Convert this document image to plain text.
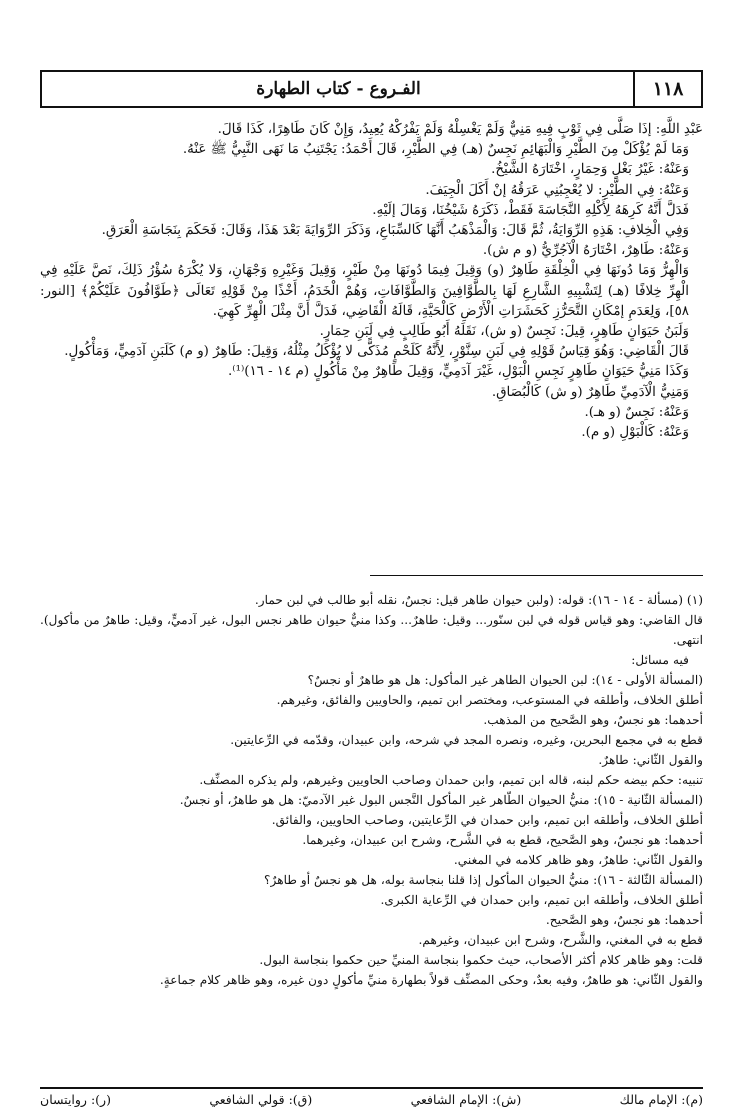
١١٨
الفـروع - كتاب الطهارة

عَبْدِ اللَّهِ: إذَا صَلَّى فِي ثَوْبٍ فِيهِ مَنِيٌّ وَلَمْ يَغْسِلْهُ وَلَمْ يَفْرُكْهُ يُعِيدُ، وَإِنْ كَانَ طَاهِرًا، كَذَا قَالَ.

وَمَا لَمْ يُؤْكَلْ مِنَ الطَّيْرِ وَالْبَهَائِمِ نَجِسٌ (هـ) فِي الطَّيْرِ، قَالَ أَحْمَدُ: يَجْتَنِبُ مَا نَهَى النَّبِيُّ ﷺ عَنْهُ.

وَعَنْهُ: غَيْرُ بَغْلٍ وَحِمَارٍ، اخْتَارَهُ الشَّيْخُ.

وَعَنْهُ: فِي الطَّيْرِ: لا يُعْجِبُنِي عَرَقُهُ إنْ أَكَلَ الْجِيَفَ.

فَدَلَّ أَنَّهُ كَرِهَهُ لِأَكْلِهِ النَّجَاسَةَ فَقَطْ، ذَكَرَهُ شَيْخُنَا، وَمَالَ إلَيْهِ.

وَفِي الْخِلافِ: هَذِهِ الرِّوَايَةُ، ثُمَّ قَالَ: وَالْمَذْهَبُ أَنَّهَا كَالسِّبَاعِ، وَذَكَرَ الرِّوَايَةَ بَعْدَ هَذَا، وَقَالَ: فَحَكَمَ بِنَجَاسَةِ الْعَرَقِ.

وَعَنْهُ: طَاهِرٌ، اخْتَارَهُ الْآجُرِّيُّ (و م ش).

وَالْهِرُّ وَمَا دُونَهَا فِي الْخِلْقَةِ طَاهِرٌ (و) وَقِيلَ فِيمَا دُونَهَا مِنْ طَيْرٍ، وَقِيلَ وَغَيْرِهِ وَجْهَانِ، وَلا يُكْرَهُ سُؤْرُ ذَلِكَ، نَصَّ عَلَيْهِ فِي الْهِرِّ خِلافًا (هـ) لِتَشْبِيهِ الشَّارِعِ لَهَا بِالطَّوَّافِينَ وَالطَّوَّافَاتِ، وَهُمْ الْخَدَمُ، أَخْذًا مِنْ قَوْلِهِ تَعَالَى ﴿طَوَّافُونَ عَلَيْكُمْ﴾ [النور: ٥٨]، وَلِعَدَمِ إمْكَانِ التَّحَرُّزِ كَحَشَرَاتِ الْأَرْضِ كَالْحَيَّةِ، قَالَهُ الْقَاضِي، فَدَلَّ أَنَّ مِثْلَ الْهِرِّ كَهِيَ.

وَلَبَنُ حَيَوَانٍ طَاهِرٍ، قِيلَ: نَجِسٌ (و ش)، نَقَلَهُ أَبُو طَالِبٍ فِي لَبَنِ حِمَارٍ.

قَالَ الْقَاضِي: وَهُوَ قِيَاسُ قَوْلِهِ فِي لَبَنِ سِنَّوْرٍ، لِأَنَّهُ كَلَحْمٍ مُذَكًّى لا يُؤْكَلُ مِثْلُهُ، وَقِيلَ: طَاهِرٌ (و م) كَلَبَنِ آدَمِيٍّ، وَمَأْكُولٍ.

وَكَذَا مَنِيُّ حَيَوَانٍ طَاهِرٍ نَجِسِ الْبَوْلِ، غَيْرَ آدَمِيٍّ، وَقِيلَ طَاهِرٌ مِنْ مَأْكُولٍ (م ١٤ - ١٦)⁽¹⁾.

وَمَنِيُّ الْآدَمِيِّ طَاهِرٌ (و ش) كَالْبُصَاقِ.

وَعَنْهُ: نَجِسٌ (و هـ).

وَعَنْهُ: كَالْبَوْلِ (و م).

(١) (مسألة - ١٤ - ١٦): قوله: (ولبن حيوان طاهر قيل: نجسٌ، نقله أبو طالب في لبن حمار.

قال القاضي: وهو قياس قوله في لبن سنّور... وقيل: طاهرٌ... وكذا منيٌّ حيوان طاهر نجس البول، غير آدميٍّ، وقيل: طاهرٌ من مأكول). انتهى.

فيه مسائل:

(المسألة الأولى - ١٤): لبن الحيوان الطاهر غير المأكول: هل هو طاهرٌ أو نجسٌ؟

أطلق الخلاف، وأطلقه في المستوعب، ومختصر ابن تميم، والحاويين والفائق، وغيرهم.

أحدهما: هو نجسٌ، وهو الصَّحيح من المذهب.

قطع به في مجمع البحرين، وغيره، ونصره المجد في شرحه، وابن عبيدان، وقدّمه في الرِّعايتين.

والقول الثّاني: طاهرٌ.

تنبيه: حكم بيضه حكم لبنه، قاله ابن تميم، وابن حمدان وصاحب الحاويين وغيرهم، ولم يذكره المصنِّف.

(المسألة الثّانية - ١٥): منيُّ الحيوان الطّاهر غير المأكول النَّجس البول غير الآدميّ: هل هو طاهرٌ، أو نجسٌ.

أطلق الخلاف، وأطلقه ابن تميم، وابن حمدان في الرِّعايتين، وصاحب الحاويين، والفائق.

أحدهما: هو نجسٌ، وهو الصَّحيح، قطع به في الشَّرح، وشرح ابن عبيدان، وغيرهما.

والقول الثّاني: طاهرٌ، وهو ظاهر كلامه في المغني.

(المسألة الثّالثة - ١٦): منيُّ الحيوان المأكول إذا قلنا بنجاسة بوله، هل هو نجسٌ أو طاهرٌ؟

أطلق الخلاف، وأطلقه ابن تميم، وابن حمدان في الرِّعاية الكبرى.

أحدهما: هو نجسٌ، وهو الصَّحيح.

قطع به في المغني، والشَّرح، وشرح ابن عبيدان، وغيرهم.

قلت: وهو ظاهر كلام أكثر الأصحاب، حيث حكموا بنجاسة المنيِّ حين حكموا بنجاسة البول.

والقول الثّاني: هو طاهرٌ، وفيه بعدٌ، وحكى المصنِّف قولاً بطهارة منيِّ مأكولٍ دون غيره، وهو ظاهر كلام جماعةٍ.

(م): الإمام مالك
(ش): الإمام الشافعي
(ق): قولي الشافعي
(ر): روايتسان
